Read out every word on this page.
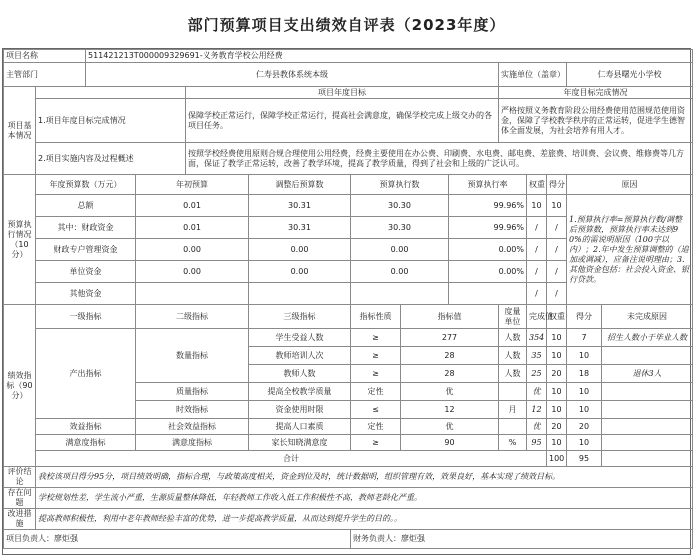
部门预算项目支出绩效自评表（2023年度）
项目名称		511421213T000009329691-义务教育学校公用经费											
主管部门		仁寿县教体系统本级							实施单位（盖章）			仁寿县曙光小学校	
项目基本情况				项目年度目标					年度目标完成情况				
	1.项目年度目标完成情况			保障学校正常运行，保障学校正常运行，提高社会满意度，确保学校完成上级交办的各项目任务。					严格按照义务教育阶段公用经费使用范围规范使用资金，保障了学校教学秩序的正常运转，促进学生德智体全面发展，为社会培养有用人才。				
	2.项目实施内容及过程概述			按照学校经费使用原则合规合理使用公用经费，经费主要使用在办公费、印刷费、水电费、邮电费、差旅费、培训费、会议费、维修费等几方面，保证了教学正常运转，改善了教学环境，提高了教学质量，得到了社会和上级的广泛认可。									
预算执行情况（10分）	年度预算数（万元）		年初预算		调整后预算数	预算执行数		预算执行率		权重	得分	原因	
	总额		0.01		30.31	30.30		99.96%		10	10	1.预算执行率=预算执行数/调整后预算数，预算执行率未达到90%的需说明原因（100字以内）；2.年中发生预算调整的（追加或调减），应备注说明理由；3.其他资金包括：社会投入资金、银行贷款。	
	其中：财政资金		0.01		30.31	30.30		99.96%		/	/		
	财政专户管理资金		0.00		0.00	0.00		0.00%		/	/		
	单位资金		0.00		0.00	0.00		0.00%		/	/		
	其他资金									/	/		
绩效指标（90分）	一级指标		二级指标		三级指标	指标性质	指标值		度量单位	完成值	权重	得分	未完成原因
	产出指标		数量指标		学生受益人数	≥	277		人数	354	10	7	招生人数小于毕业人数
					教师培训人次	≥	28		人数	35	10	10	
					教师人数	≥	28		人数	25	20	18	退休3人
			质量指标		提高全校教学质量	定性	优			优	10	10	
			时效指标		资金使用时限	≤	12		月	12	10	10	
	效益指标		社会效益指标		提高人口素质	定性	优			优	20	20	
	满意度指标		满意度指标		家长知晓满意度	≥	90		%	95	10	10	
	合计										100	95	
评价结论	我校该项目得分95分，项目绩效明确，指标合理，与政策高度相关，资金到位及时，统计数据明，组织管理有效，效果良好，基本实现了绩效目标。												
存在问题	学校规划性差，学生流小严重，生源质量整体降低，年轻教师工作收入低工作积极性不高，教师老龄化严重。												
改进措施	提高教师积极性，利用中老年教师经验丰富的优势，进一步提高教学质量，从而达到提升学生的目的。。												
项目负责人：廖炬强						财务负责人：廖炬强							
